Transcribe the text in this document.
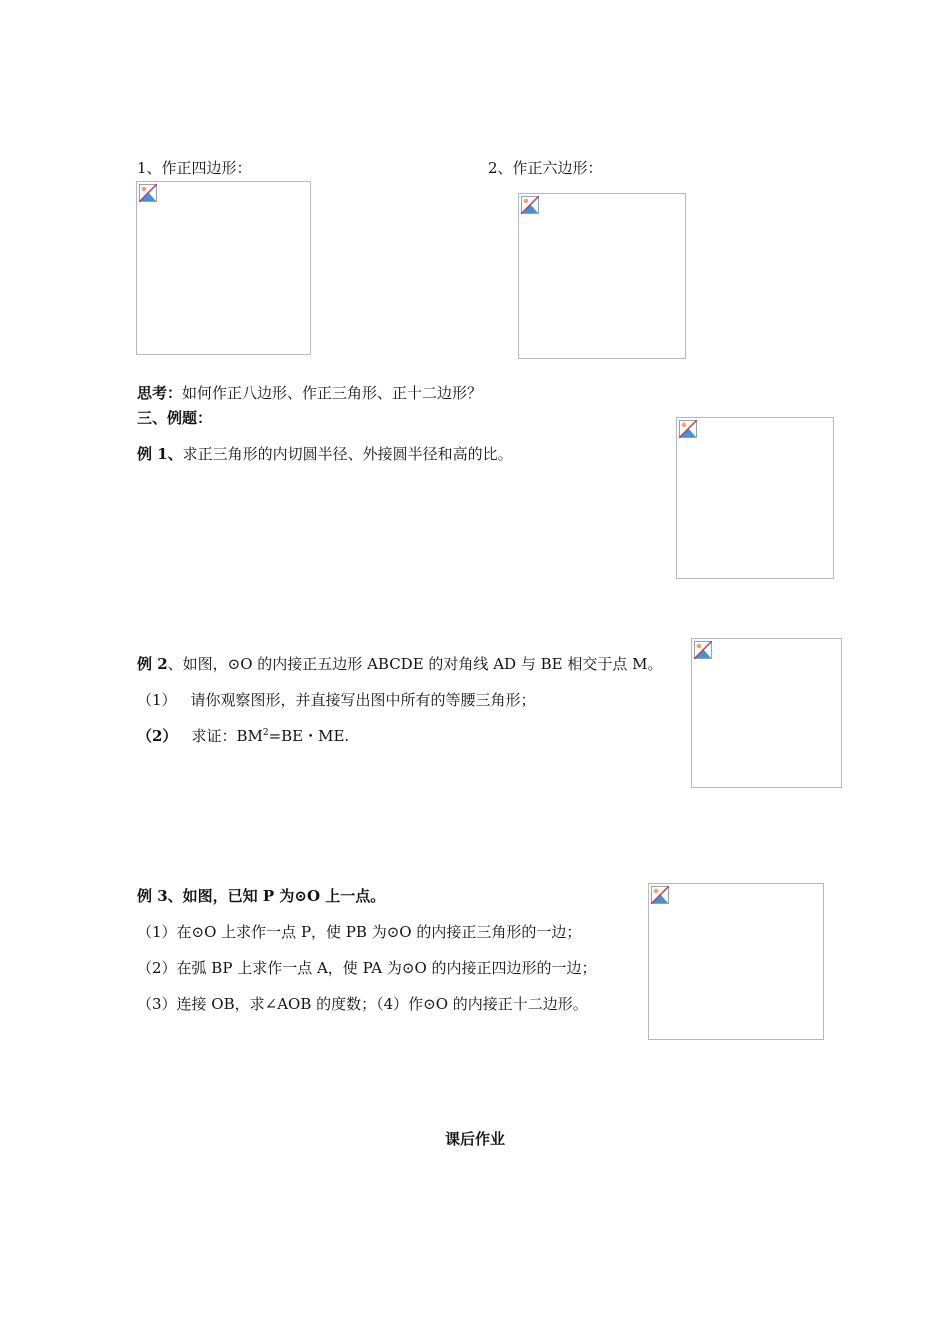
1、作正四边形：	2、作正六边形：
思考：如何作正八边形、作正三角形、正十二边形？
三、例题：
例 1、求正三角形的内切圆半径、外接圆半径和高的比。
例 2、如图，⊙O 的内接正五边形 ABCDE 的对角线 AD 与 BE 相交于点 M。
（1） 请你观察图形，并直接写出图中所有的等腰三角形；
（2） 求证：$BM^2=BE$・ME.
例 3、如图，已知 P 为⊙O 上一点。
（1）在⊙O 上求作一点 P，使 PB 为⊙O 的内接正三角形的一边；
（2）在弧 BP 上求作一点 A，使 PA 为⊙O 的内接正四边形的一边；
（3）连接 OB，求∠AOB 的度数；（4）作⊙O 的内接正十二边形。
课后作业
